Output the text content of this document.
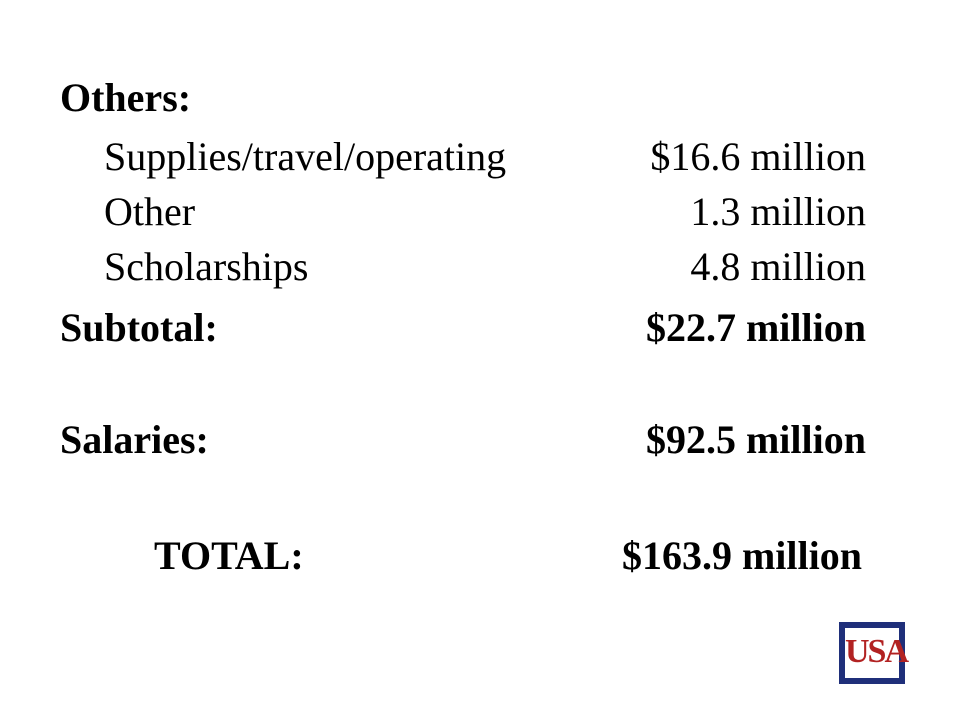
Others:
Supplies/travel/operating	$16.6 million
Other	1.3 million
Scholarships	4.8 million
Subtotal:	$22.7 million
Salaries:	$92.5 million
TOTAL:	$163.9 million
USA
